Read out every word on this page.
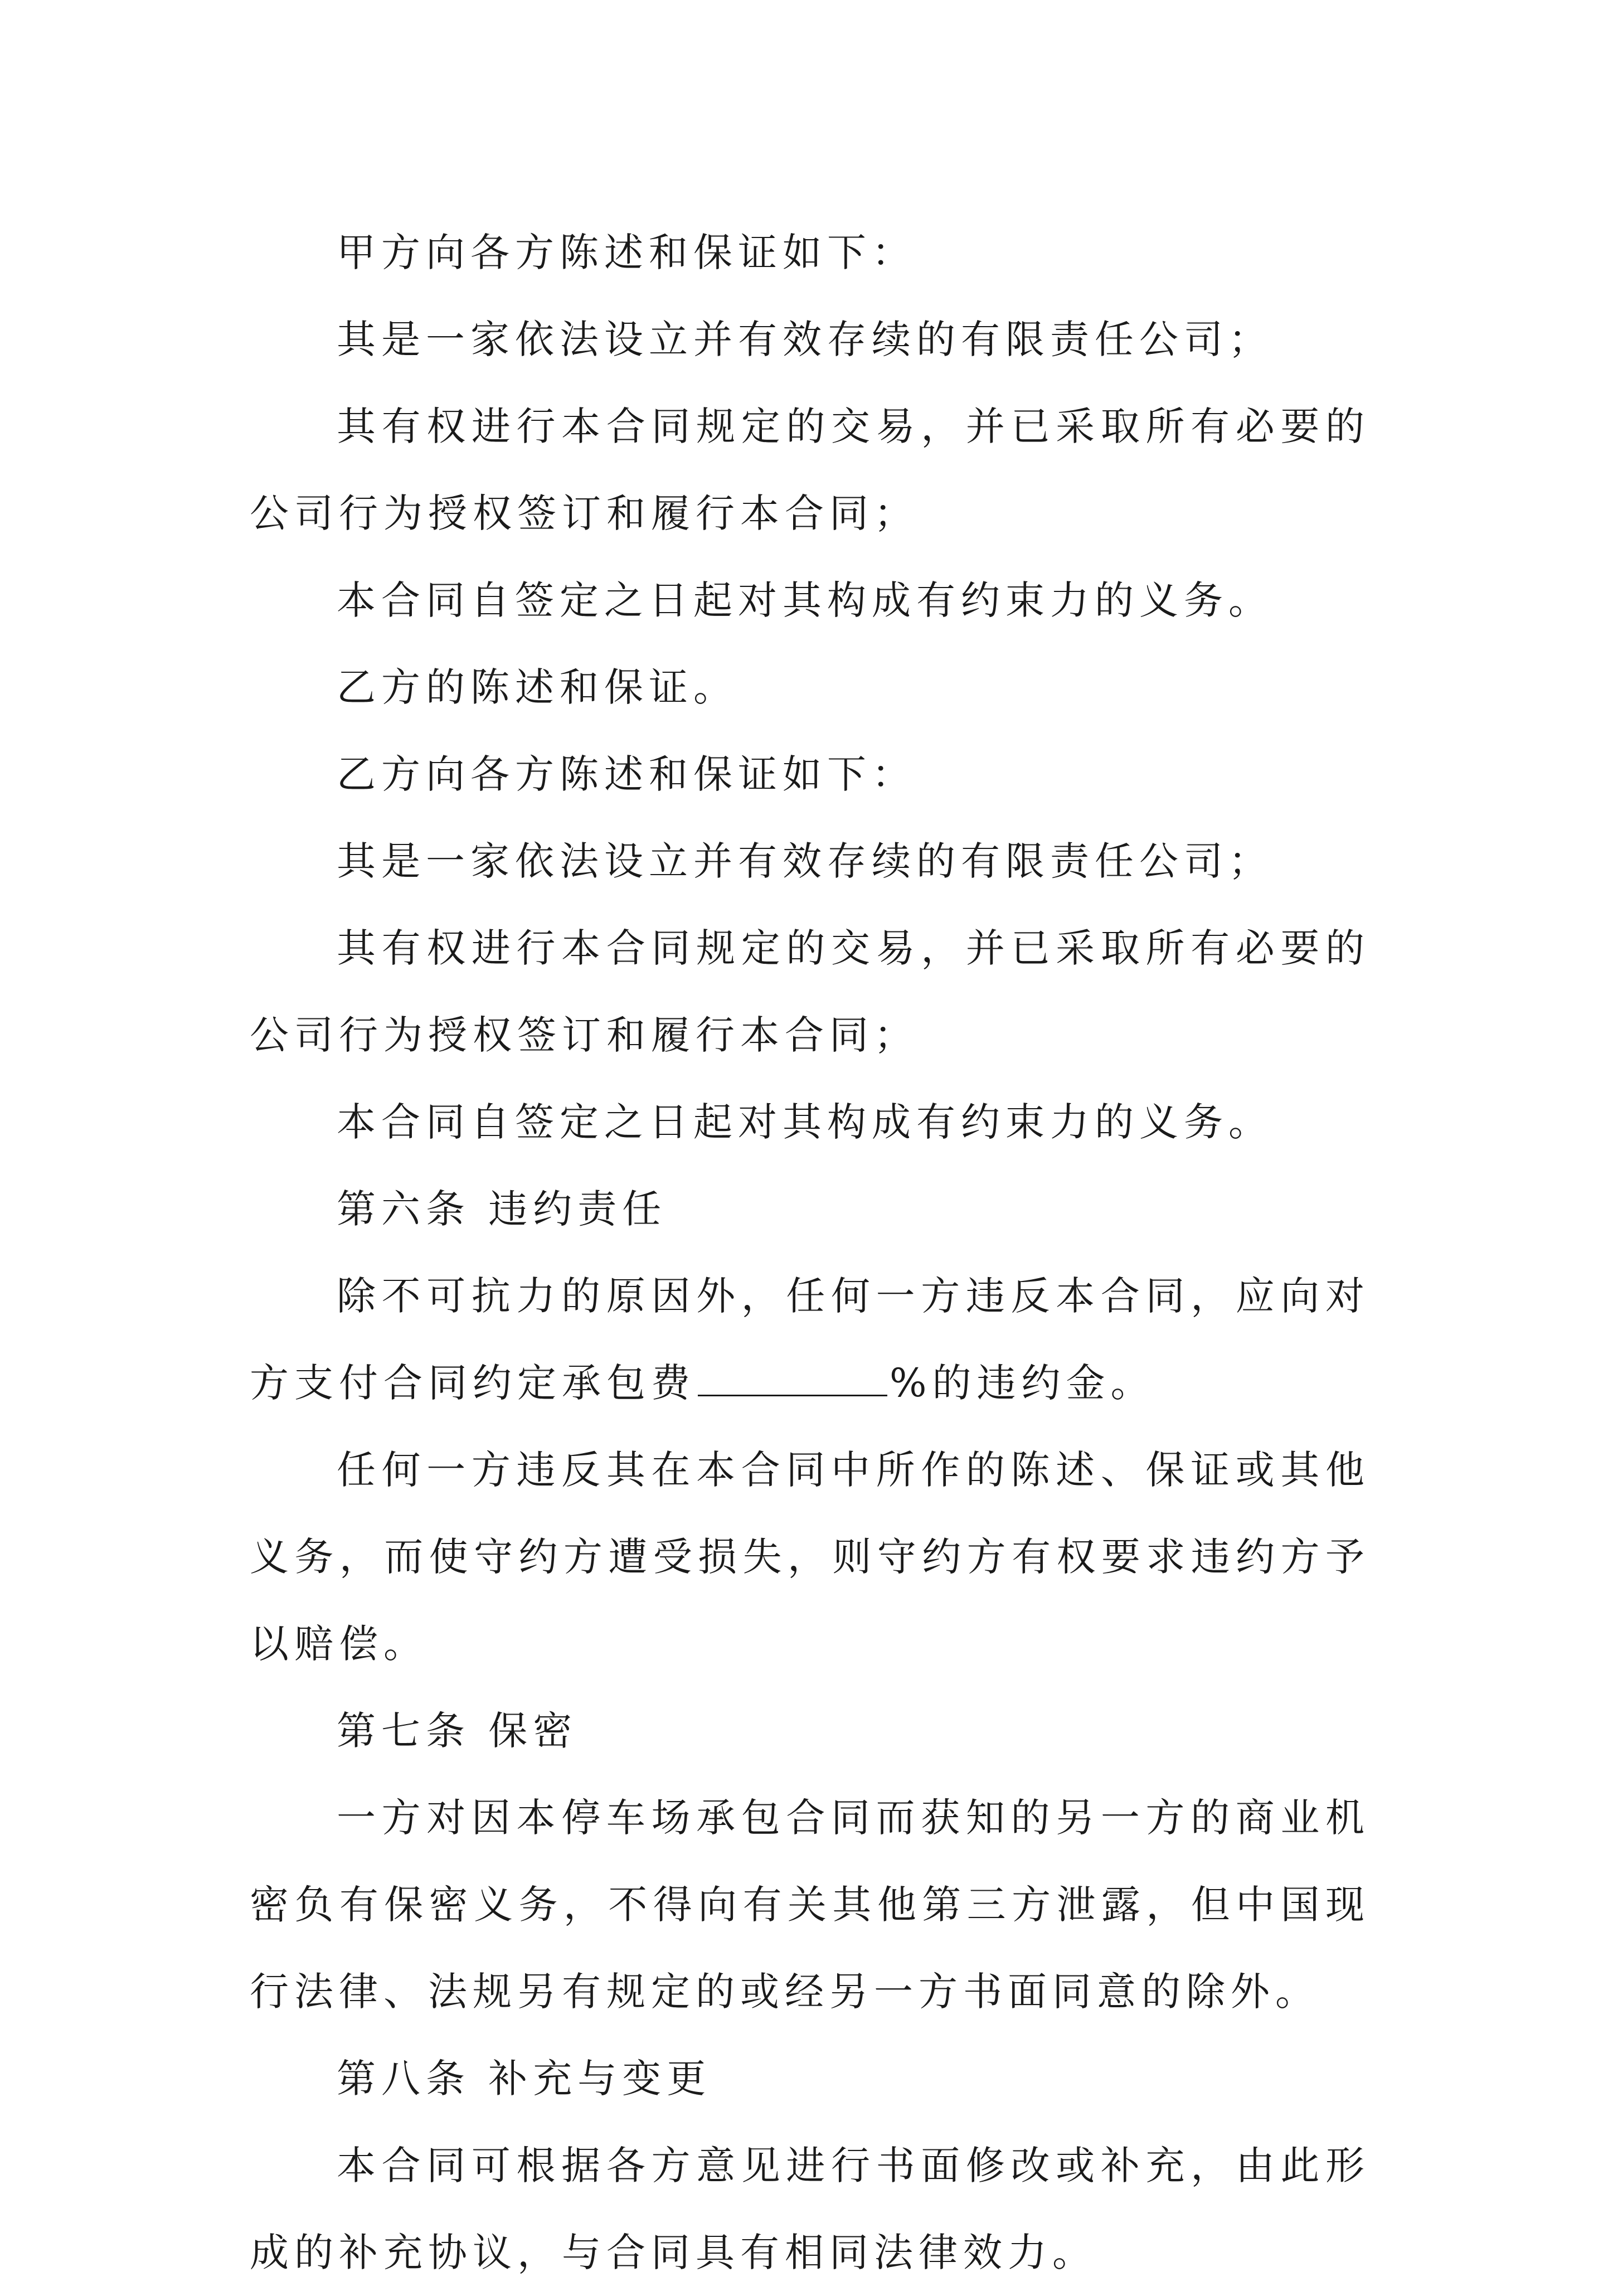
甲方向各方陈述和保证如下：

其是一家依法设立并有效存续的有限责任公司；

其有权进行本合同规定的交易，并已采取所有必要的公司行为授权签订和履行本合同；

本合同自签定之日起对其构成有约束力的义务。

乙方的陈述和保证。

乙方向各方陈述和保证如下：

其是一家依法设立并有效存续的有限责任公司；

其有权进行本合同规定的交易，并已采取所有必要的公司行为授权签订和履行本合同；

本合同自签定之日起对其构成有约束力的义务。

第六条 违约责任

除不可抗力的原因外，任何一方违反本合同，应向对方支付合同约定承包费	%的违约金。

任何一方违反其在本合同中所作的陈述、保证或其他义务，而使守约方遭受损失，则守约方有权要求违约方予以赔偿。

第七条 保密

一方对因本停车场承包合同而获知的另一方的商业机密负有保密义务，不得向有关其他第三方泄露，但中国现行法律、法规另有规定的或经另一方书面同意的除外。

第八条 补充与变更

本合同可根据各方意见进行书面修改或补充，由此形成的补充协议，与合同具有相同法律效力。
